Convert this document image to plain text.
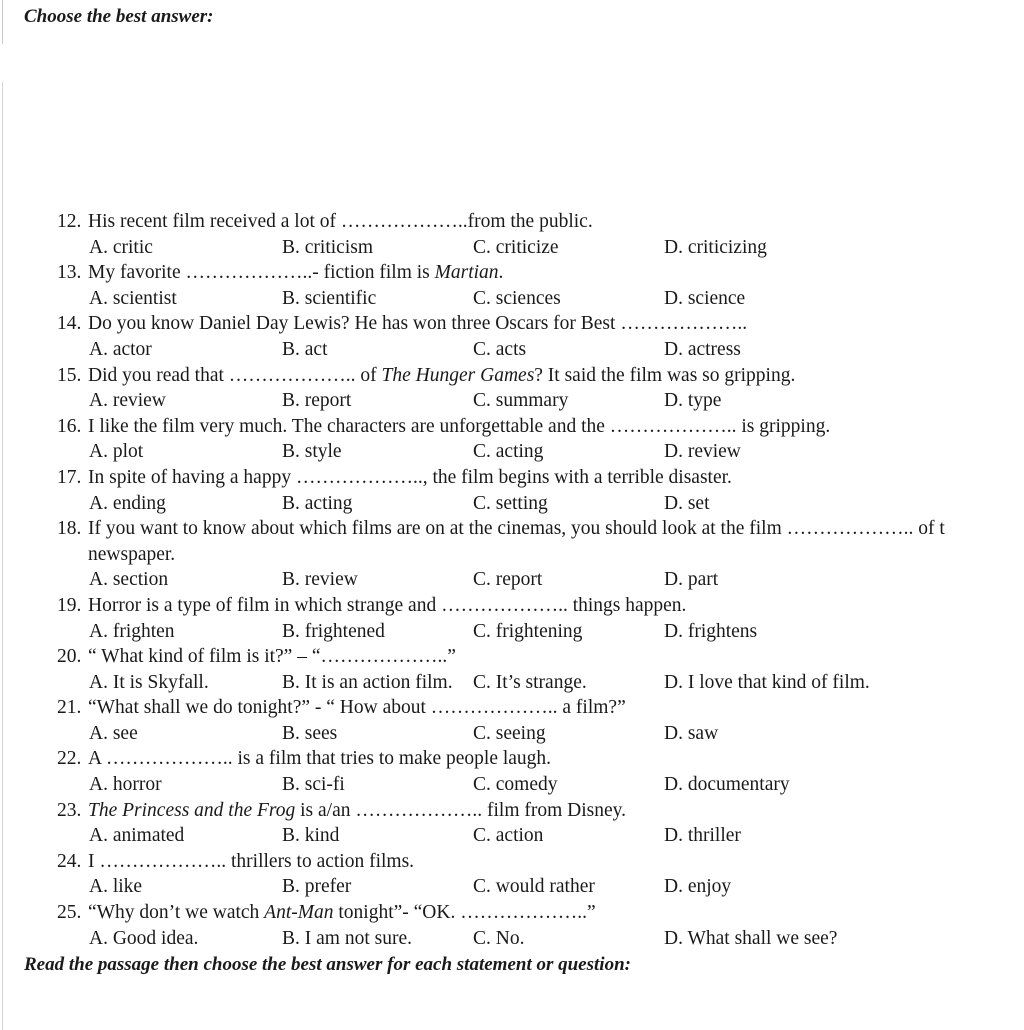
Choose the best answer:
12. His recent film received a lot of ………………..from the public.
A. critic	B. criticism	C. criticize	D. criticizing
13. My favorite ………………..- fiction film is Martian.
A. scientist	B. scientific	C. sciences	D. science
14. Do you know Daniel Day Lewis? He has won three Oscars for Best ………………..
A. actor	B. act	C. acts	D. actress
15. Did you read that ……………….. of The Hunger Games? It said the film was so gripping.
A. review	B. report	C. summary	D. type
16. I like the film very much. The characters are unforgettable and the ……………….. is gripping.
A. plot	B. style	C. acting	D. review
17. In spite of having a happy ……………….., the film begins with a terrible disaster.
A. ending	B. acting	C. setting	D. set
18. If you want to know about which films are on at the cinemas, you should look at the film ……………….. of t
newspaper.
A. section	B. review	C. report	D. part
19. Horror is a type of film in which strange and ……………….. things happen.
A. frighten	B. frightened	C. frightening	D. frightens
20. “ What kind of film is it?” – “………………..”
A. It is Skyfall.	B. It is an action film. C. It’s strange.	D. I love that kind of film.
21. “What shall we do tonight?” - “ How about ……………….. a film?”
A. see	B. sees	C. seeing	D. saw
22. A ……………….. is a film that tries to make people laugh.
A. horror	B. sci-fi	C. comedy	D. documentary
23. The Princess and the Frog is a/an ……………….. film from Disney.
A. animated	B. kind	C. action	D. thriller
24. I ……………….. thrillers to action films.
A. like	B. prefer	C. would rather	D. enjoy
25. “Why don’t we watch Ant-Man tonight”- “OK. ………………..”
A. Good idea.	B. I am not sure.	C. No.	D. What shall we see?
Read the passage then choose the best answer for each statement or question:
